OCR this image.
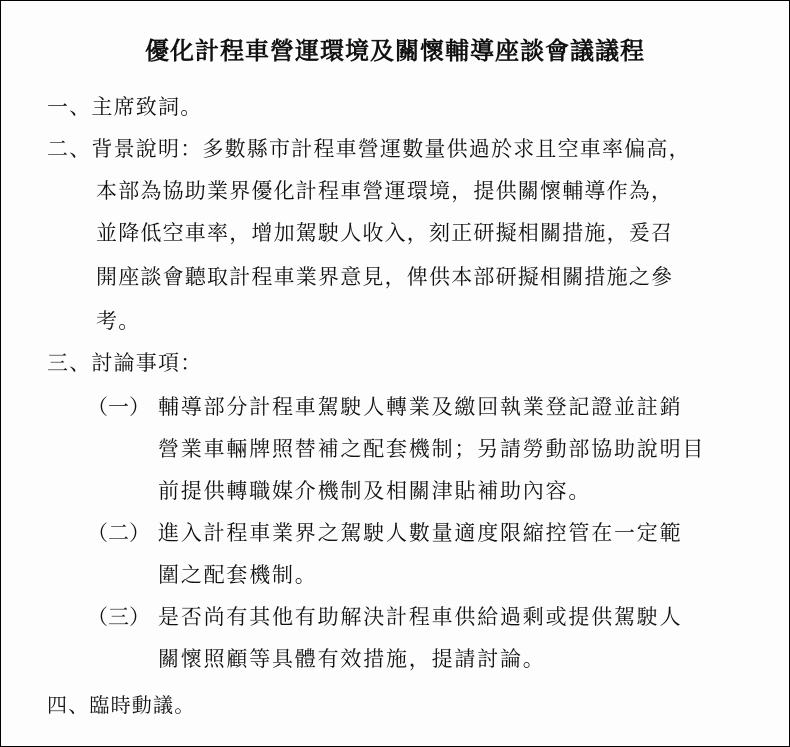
優化計程車營運環境及關懷輔導座談會議議程
一、主席致詞。
二、背景說明：多數縣市計程車營運數量供過於求且空車率偏高，
本部為協助業界優化計程車營運環境，提供關懷輔導作為，
並降低空車率，增加駕駛人收入，刻正研擬相關措施，爰召
開座談會聽取計程車業界意見，俾供本部研擬相關措施之參
考。
三、討論事項：
（一） 輔導部分計程車駕駛人轉業及繳回執業登記證並註銷
營業車輛牌照替補之配套機制；另請勞動部協助說明目
前提供轉職媒介機制及相關津貼補助內容。
（二） 進入計程車業界之駕駛人數量適度限縮控管在一定範
圍之配套機制。
（三） 是否尚有其他有助解決計程車供給過剩或提供駕駛人
關懷照顧等具體有效措施，提請討論。
四、臨時動議。
